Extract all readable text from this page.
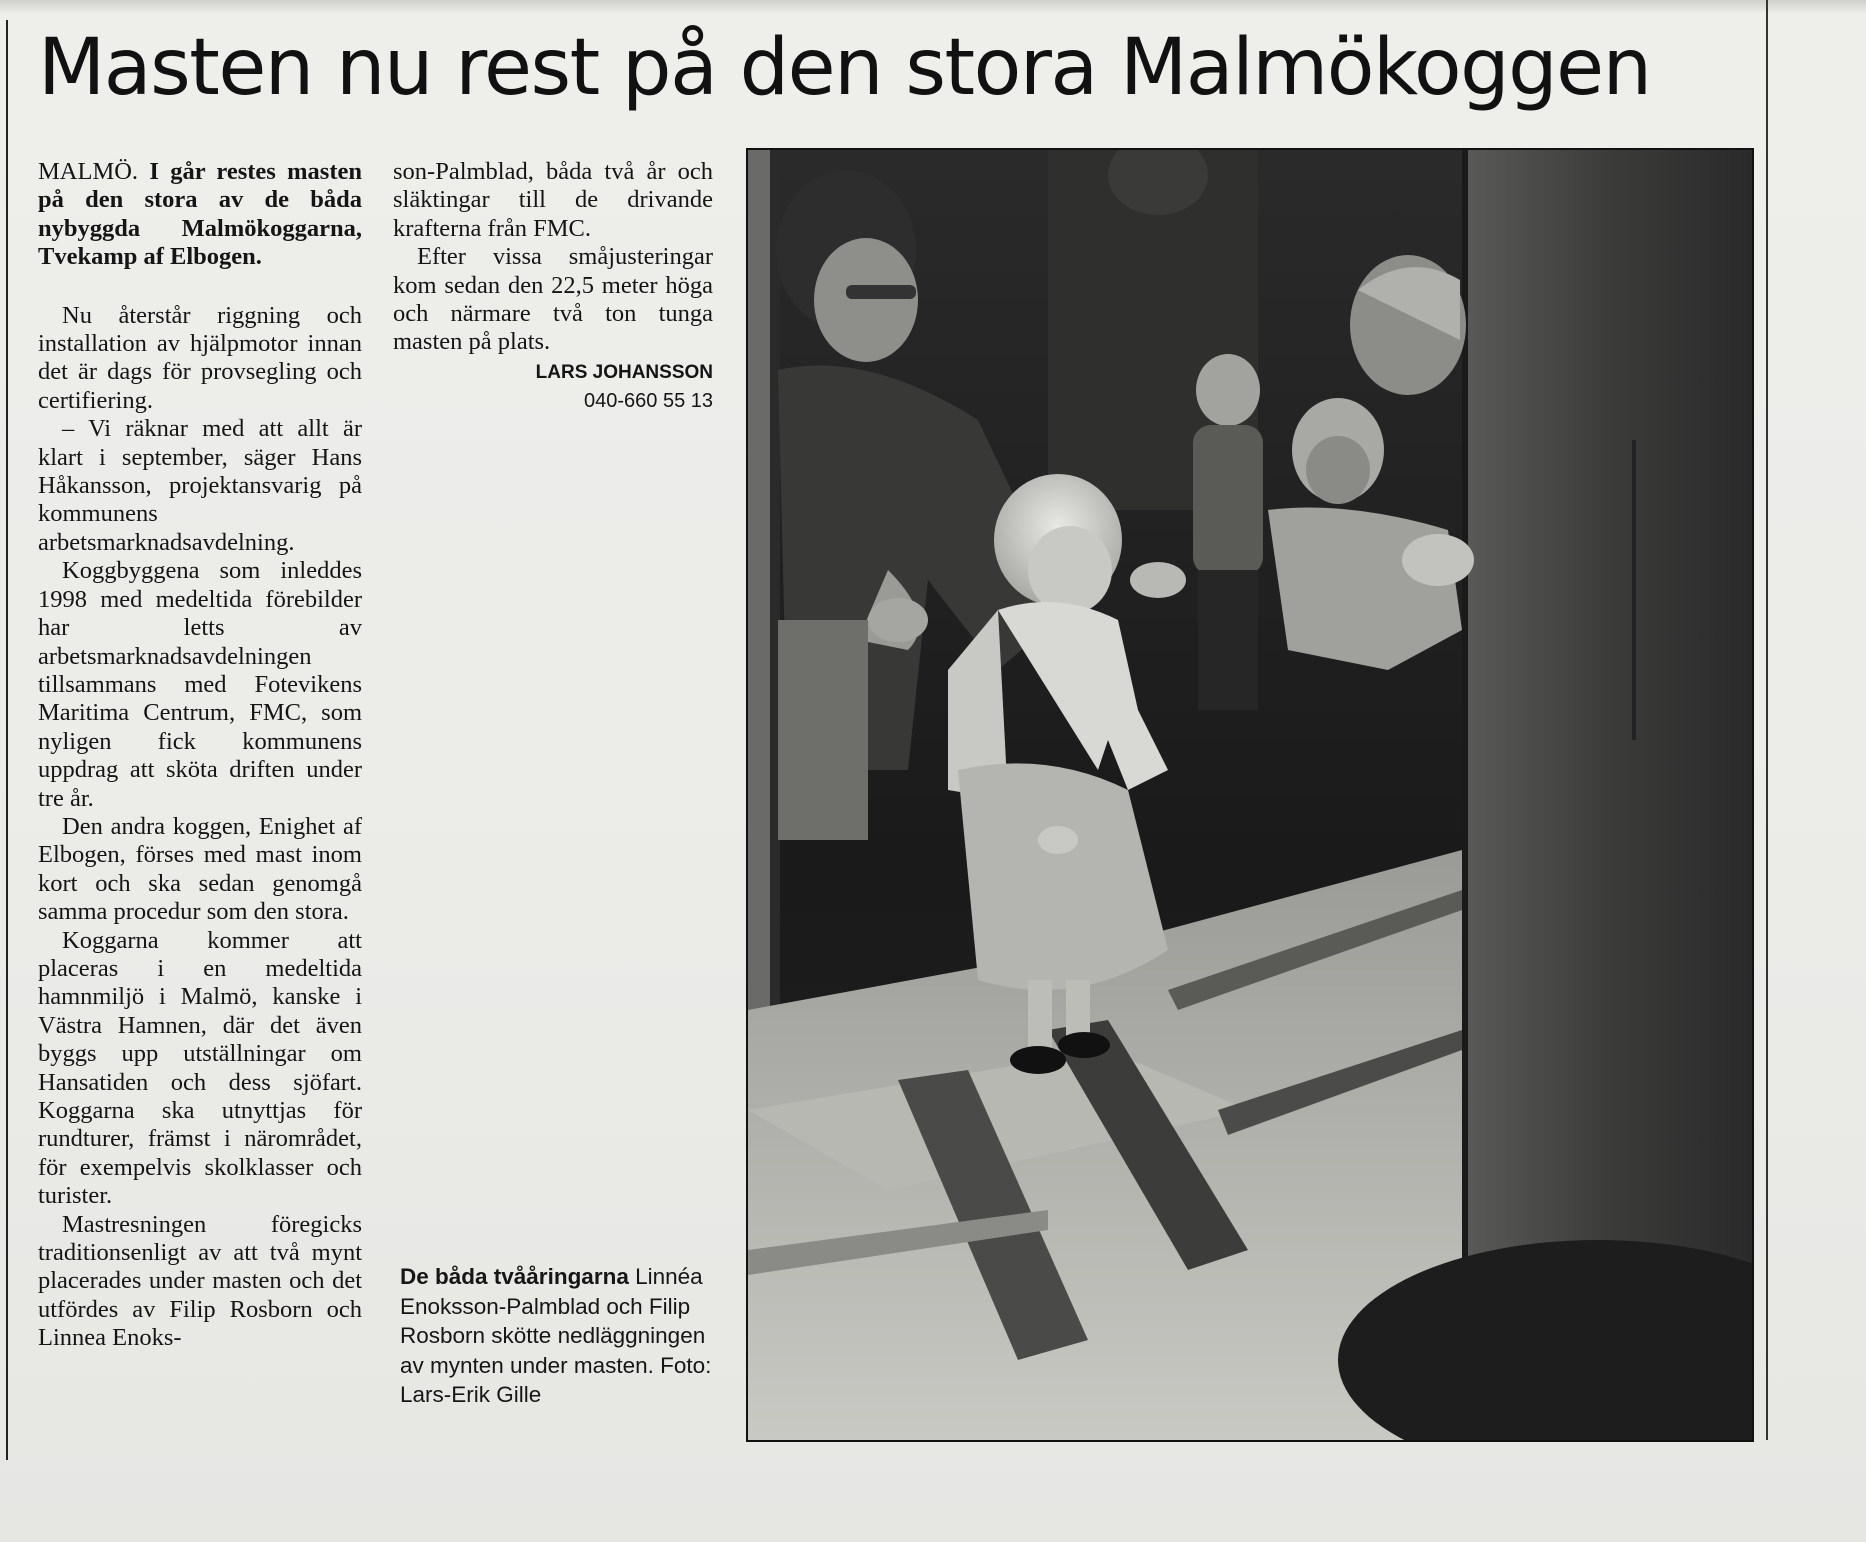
Masten nu rest på den stora Malmökoggen

MALMÖ. I går restes masten på den stora av de båda nybyggda Malmökoggarna, Tvekamp af Elbogen.

Nu återstår riggning och installation av hjälpmotor innan det är dags för provsegling och certifiering.

– Vi räknar med att allt är klart i september, säger Hans Håkansson, projektansvarig på kommunens arbetsmarknadsavdelning.

Koggbyggena som inleddes 1998 med medeltida förebilder har letts av arbetsmarknadsavdelningen tillsammans med Fotevikens Maritima Centrum, FMC, som nyligen fick kommunens uppdrag att sköta driften under tre år.

Den andra koggen, Enighet af Elbogen, förses med mast inom kort och ska sedan genomgå samma procedur som den stora.

Koggarna kommer att placeras i en medeltida hamnmiljö i Malmö, kanske i Västra Hamnen, där det även byggs upp utställningar om Hansatiden och dess sjöfart. Koggarna ska utnyttjas för rundturer, främst i närområdet, för exempelvis skolklasser och turister.

Mastresningen föregicks traditionsenligt av att två mynt placerades under masten och det utfördes av Filip Rosborn och Linnea Enoks-

son-Palmblad, båda två år och släktingar till de drivande krafterna från FMC.

Efter vissa småjusteringar kom sedan den 22,5 meter höga och närmare två ton tunga masten på plats.

LARS JOHANSSON
040-660 55 13
De båda tvååringarna Linnéa Enoksson-Palmblad och Filip Rosborn skötte nedläggningen av mynten under masten. Foto: Lars-Erik Gille
